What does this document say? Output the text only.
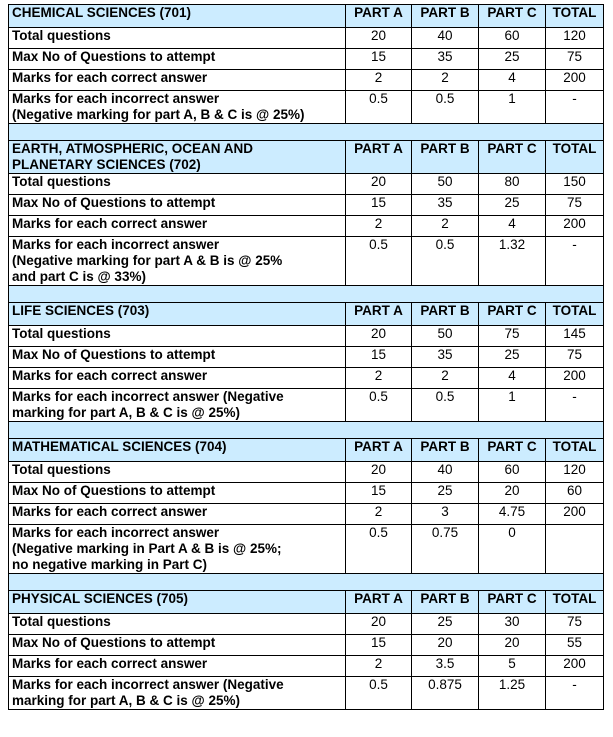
CHEMICAL SCIENCES (701)	PART A	PART B	PART C	TOTAL
Total questions	20	40	60	120
Max No of Questions to attempt	15	35	25	75
Marks for each correct answer	2	2	4	200
Marks for each incorrect answer
(Negative marking for part A, B & C is @ 25%)	0.5	0.5	1	-

EARTH, ATMOSPHERIC, OCEAN AND
PLANETARY SCIENCES (702)	PART A	PART B	PART C	TOTAL
Total questions	20	50	80	150
Max No of Questions to attempt	15	35	25	75
Marks for each correct answer	2	2	4	200
Marks for each incorrect answer
(Negative marking for part A & B is @ 25%
and part C is @ 33%)	0.5	0.5	1.32	-

LIFE SCIENCES (703)	PART A	PART B	PART C	TOTAL
Total questions	20	50	75	145
Max No of Questions to attempt	15	35	25	75
Marks for each correct answer	2	2	4	200
Marks for each incorrect answer (Negative
marking for part A, B & C is @ 25%)	0.5	0.5	1	-

MATHEMATICAL SCIENCES (704)	PART A	PART B	PART C	TOTAL
Total questions	20	40	60	120
Max No of Questions to attempt	15	25	20	60
Marks for each correct answer	2	3	4.75	200
Marks for each incorrect answer
(Negative marking in Part A & B is @ 25%;
no negative marking in Part C)	0.5	0.75	0	

PHYSICAL SCIENCES (705)	PART A	PART B	PART C	TOTAL
Total questions	20	25	30	75
Max No of Questions to attempt	15	20	20	55
Marks for each correct answer	2	3.5	5	200
Marks for each incorrect answer (Negative
marking for part A, B & C is @ 25%)	0.5	0.875	1.25	-
